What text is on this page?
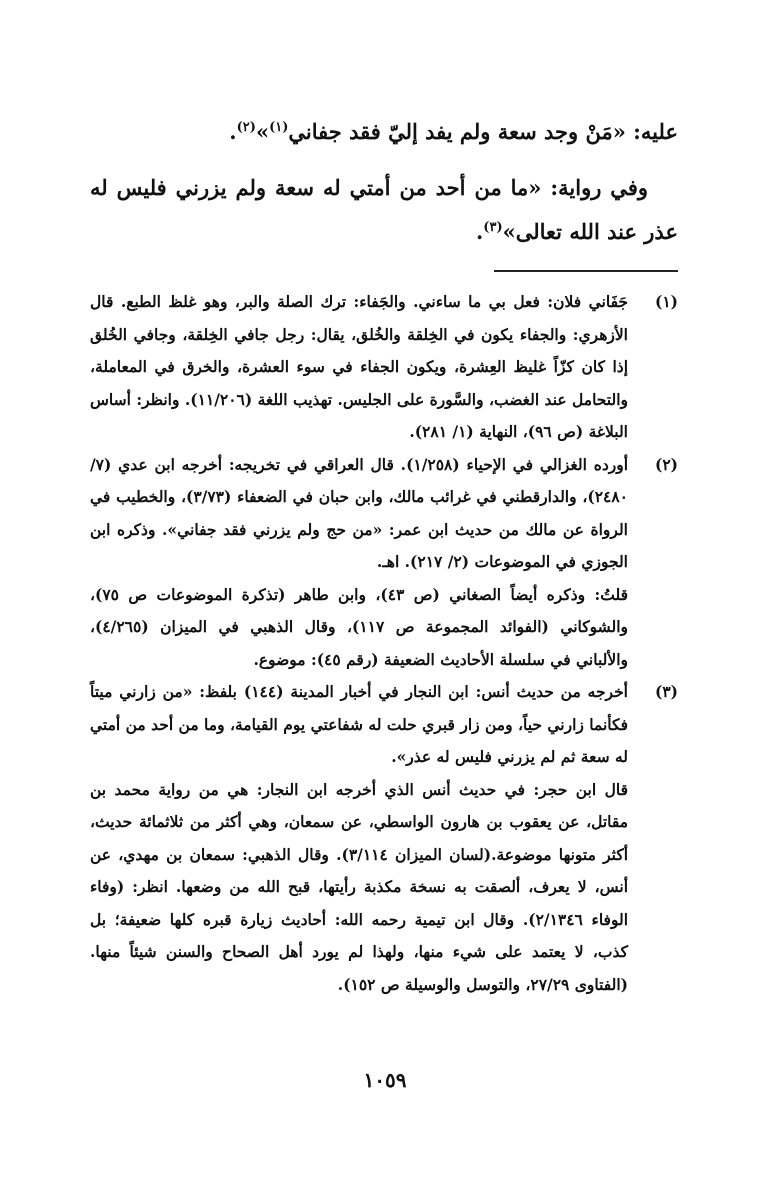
عليه: «مَنْ وجد سعة ولم يفد إليّ فقد جفاني$^{(١)}$»$^{(٢)}$.

وفي رواية: «ما من أحد من أمتي له سعة ولم يزرني فليس له عذر عند الله تعالى»$^{(٣)}$.

(١)

جَفَاني فلان: فعل بي ما ساءني. والجَفاء: ترك الصلة والبر، وهو غلظ الطبع. قال الأزهري: والجفاء يكون في الخِلقة والخُلق، يقال: رجل جافي الخِلقة، وجافي الخُلق إذا كان كزّاً غليظ العِشرة، ويكون الجفاء في سوء العشرة، والخرق في المعاملة، والتحامل عند الغضب، والسَّورة على الجليس. تهذيب اللغة (١١/٢٠٦). وانظر: أساس البلاغة (ص ٩٦)، النهاية (١/ ٢٨١).

(٢)

أورده الغزالي في الإحياء (١/٢٥٨). قال العراقي في تخريجه: أخرجه ابن عدي (٧/ ٢٤٨٠)، والدارقطني في غرائب مالك، وابن حبان في الضعفاء (٣/٧٣)، والخطيب في الرواة عن مالك من حديث ابن عمر: «من حج ولم يزرني فقد جفاني». وذكره ابن الجوزي في الموضوعات (٢/ ٢١٧). اهـ.

قلتُ: وذكره أيضاً الصغاني (ص ٤٣)، وابن طاهر (تذكرة الموضوعات ص ٧٥)، والشوكاني (الفوائد المجموعة ص ١١٧)، وقال الذهبي في الميزان (٤/٢٦٥)، والألباني في سلسلة الأحاديث الضعيفة (رقم ٤٥): موضوع.

(٣)

أخرجه من حديث أنس: ابن النجار في أخبار المدينة (١٤٤) بلفظ: «من زارني ميتاً فكأنما زارني حياً، ومن زار قبري حلت له شفاعتي يوم القيامة، وما من أحد من أمتي له سعة ثم لم يزرني فليس له عذر».

قال ابن حجر: في حديث أنس الذي أخرجه ابن النجار: هي من رواية محمد بن مقاتل، عن يعقوب بن هارون الواسطي، عن سمعان، وهي أكثر من ثلاثمائة حديث، أكثر متونها موضوعة.(لسان الميزان ٣/١١٤). وقال الذهبي: سمعان بن مهدي، عن أنس، لا يعرف، ألصقت به نسخة مكذبة رأيتها، قبح الله من وضعها. انظر: (وفاء الوفاء ٢/١٣٤٦). وقال ابن تيمية رحمه الله: أحاديث زيارة قبره كلها ضعيفة؛ بل كذب، لا يعتمد على شيء منها، ولهذا لم يورد أهل الصحاح والسنن شيئاً منها. (الفتاوى ٢٧/٢٩، والتوسل والوسيلة ص ١٥٢).

١٠٥٩
